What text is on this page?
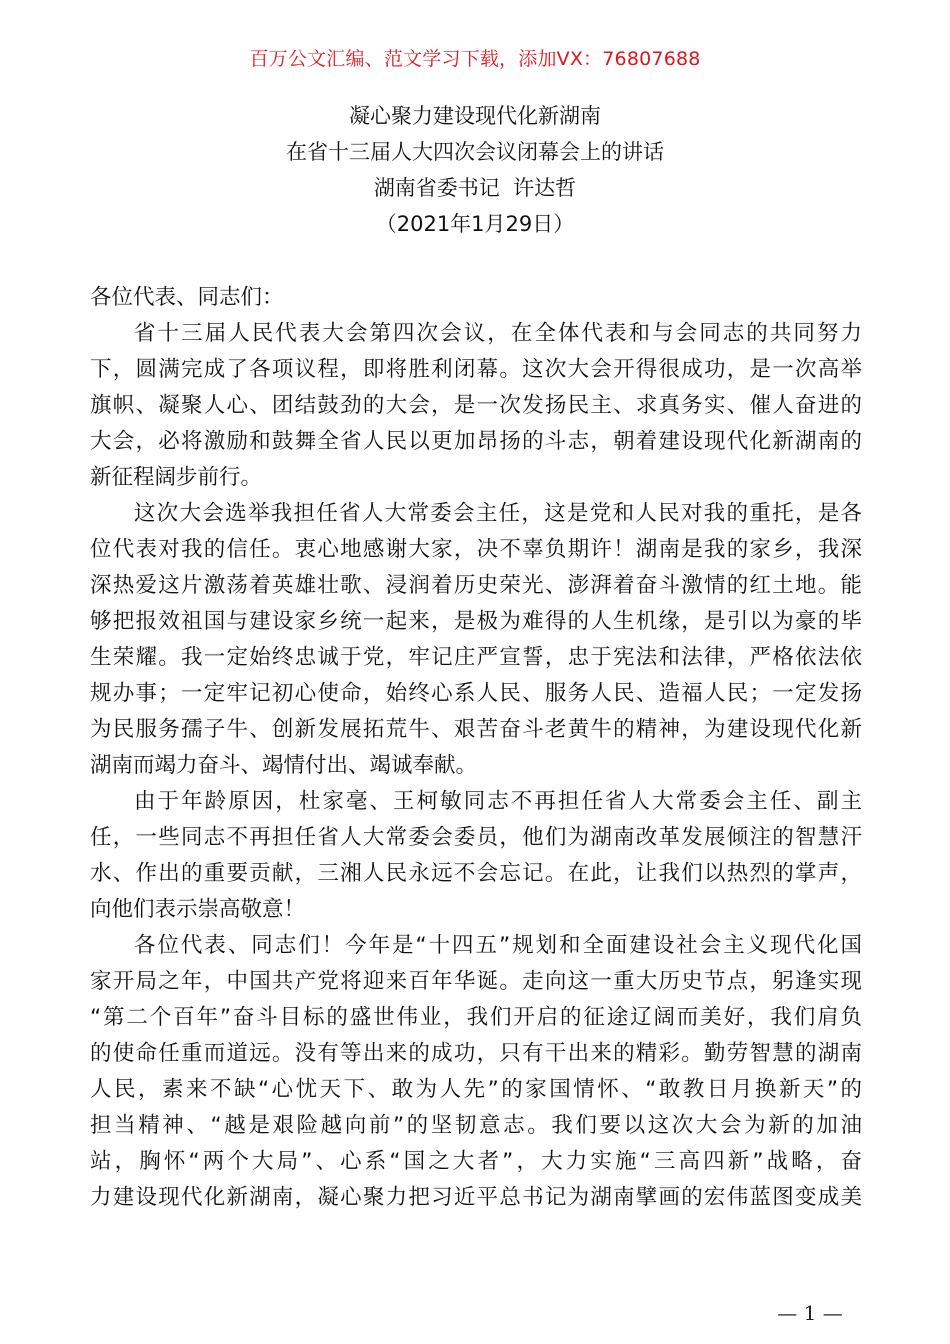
百万公文汇编、范文学习下载，添加VX：76807688
凝心聚力建设现代化新湖南
在省十三届人大四次会议闭幕会上的讲话
湖南省委书记  许达哲
（2021年1月29日）
各位代表、同志们：
省十三届人民代表大会第四次会议，在全体代表和与会同志的共同努力
下，圆满完成了各项议程，即将胜利闭幕。这次大会开得很成功，是一次高举
旗帜、凝聚人心、团结鼓劲的大会，是一次发扬民主、求真务实、催人奋进的
大会，必将激励和鼓舞全省人民以更加昂扬的斗志，朝着建设现代化新湖南的
新征程阔步前行。
这次大会选举我担任省人大常委会主任，这是党和人民对我的重托，是各
位代表对我的信任。衷心地感谢大家，决不辜负期许！湖南是我的家乡，我深
深热爱这片激荡着英雄壮歌、浸润着历史荣光、澎湃着奋斗激情的红土地。能
够把报效祖国与建设家乡统一起来，是极为难得的人生机缘，是引以为豪的毕
生荣耀。我一定始终忠诚于党，牢记庄严宣誓，忠于宪法和法律，严格依法依
规办事；一定牢记初心使命，始终心系人民、服务人民、造福人民；一定发扬
为民服务孺子牛、创新发展拓荒牛、艰苦奋斗老黄牛的精神，为建设现代化新
湖南而竭力奋斗、竭情付出、竭诚奉献。
由于年龄原因，杜家毫、王柯敏同志不再担任省人大常委会主任、副主
任，一些同志不再担任省人大常委会委员，他们为湖南改革发展倾注的智慧汗
水、作出的重要贡献，三湘人民永远不会忘记。在此，让我们以热烈的掌声，
向他们表示崇高敬意！
各位代表、同志们！今年是“十四五”规划和全面建设社会主义现代化国
家开局之年，中国共产党将迎来百年华诞。走向这一重大历史节点，躬逢实现
“第二个百年”奋斗目标的盛世伟业，我们开启的征途辽阔而美好，我们肩负
的使命任重而道远。没有等出来的成功，只有干出来的精彩。勤劳智慧的湖南
人民，素来不缺“心忧天下、敢为人先”的家国情怀、“敢教日月换新天”的
担当精神、“越是艰险越向前”的坚韧意志。我们要以这次大会为新的加油
站，胸怀“两个大局”、心系“国之大者”，大力实施“三高四新”战略，奋
力建设现代化新湖南，凝心聚力把习近平总书记为湖南擘画的宏伟蓝图变成美
— 1 —
